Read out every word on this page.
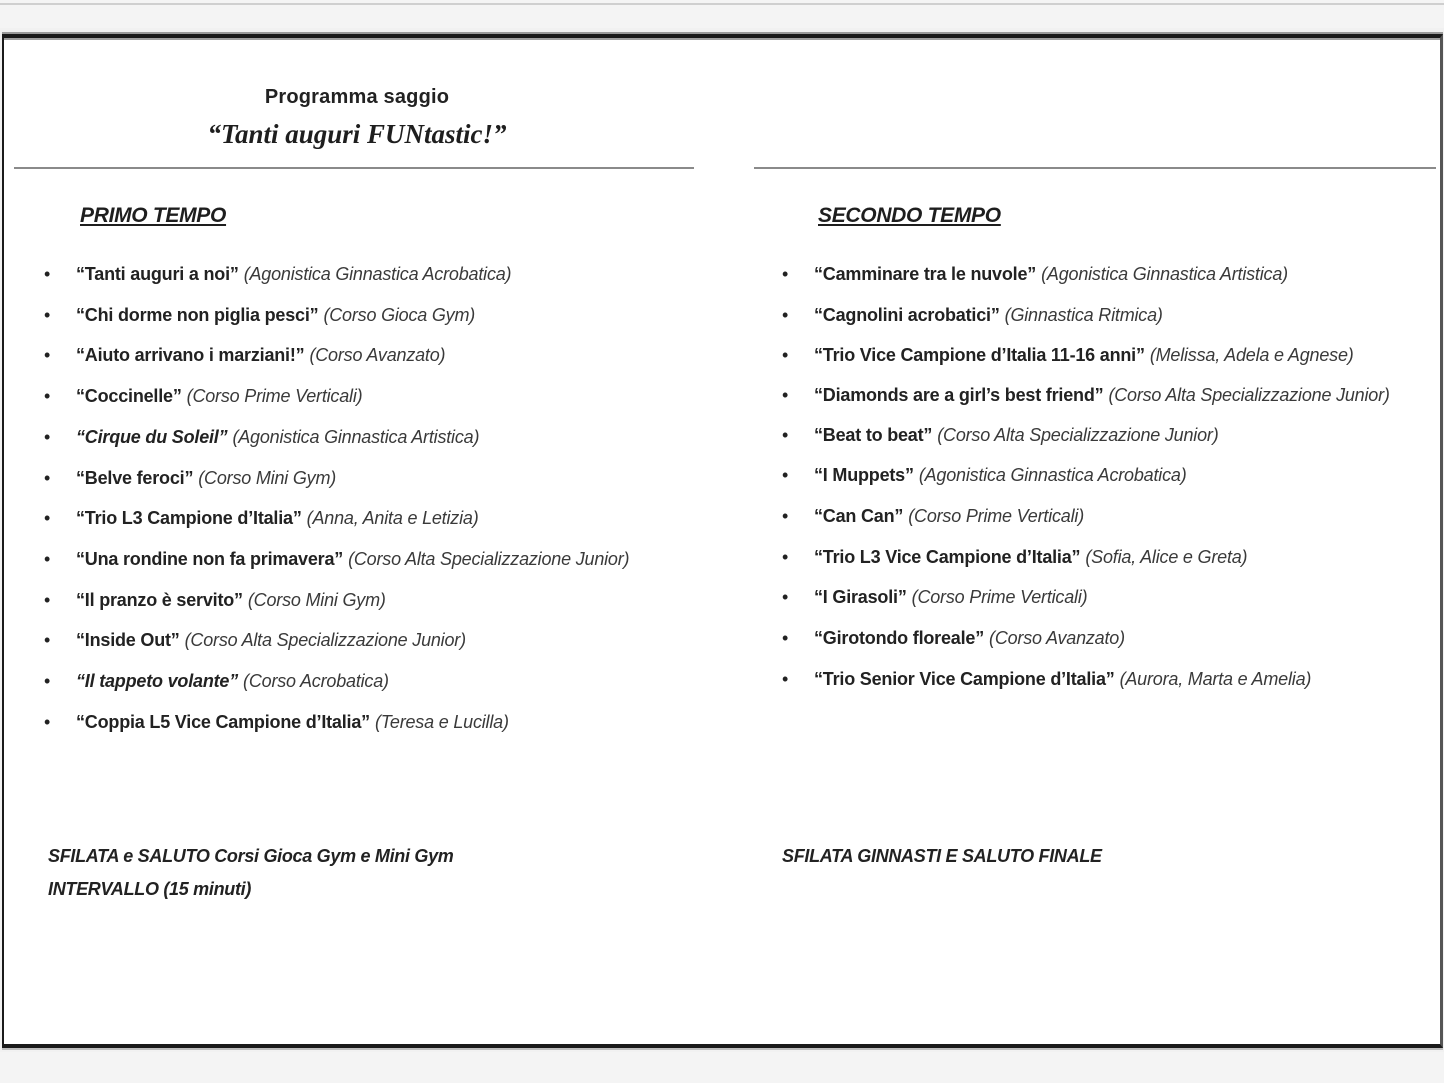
Programma saggio
“Tanti auguri FUNtastic!”
PRIMO TEMPO
• “Tanti auguri a noi” (Agonistica Ginnastica Acrobatica)
• “Chi dorme non piglia pesci” (Corso Gioca Gym)
• “Aiuto arrivano i marziani!” (Corso Avanzato)
• “Coccinelle” (Corso Prime Verticali)
• “Cirque du Soleil” (Agonistica Ginnastica Artistica)
• “Belve feroci” (Corso Mini Gym)
• “Trio L3 Campione d’Italia” (Anna, Anita e Letizia)
• “Una rondine non fa primavera” (Corso Alta Specializzazione Junior)
• “Il pranzo è servito” (Corso Mini Gym)
• “Inside Out” (Corso Alta Specializzazione Junior)
• “Il tappeto volante” (Corso Acrobatica)
• “Coppia L5 Vice Campione d’Italia” (Teresa e Lucilla)
SECONDO TEMPO
• “Camminare tra le nuvole” (Agonistica Ginnastica Artistica)
• “Cagnolini acrobatici” (Ginnastica Ritmica)
• “Trio Vice Campione d’Italia 11-16 anni” (Melissa, Adela e Agnese)
• “Diamonds are a girl’s best friend” (Corso Alta Specializzazione Junior)
• “Beat to beat” (Corso Alta Specializzazione Junior)
• “I Muppets” (Agonistica Ginnastica Acrobatica)
• “Can Can” (Corso Prime Verticali)
• “Trio L3 Vice Campione d’Italia” (Sofia, Alice e Greta)
• “I Girasoli” (Corso Prime Verticali)
• “Girotondo floreale” (Corso Avanzato)
• “Trio Senior Vice Campione d’Italia” (Aurora, Marta e Amelia)
SFILATA e SALUTO Corsi Gioca Gym e Mini Gym
INTERVALLO (15 minuti)
SFILATA GINNASTI E SALUTO FINALE
